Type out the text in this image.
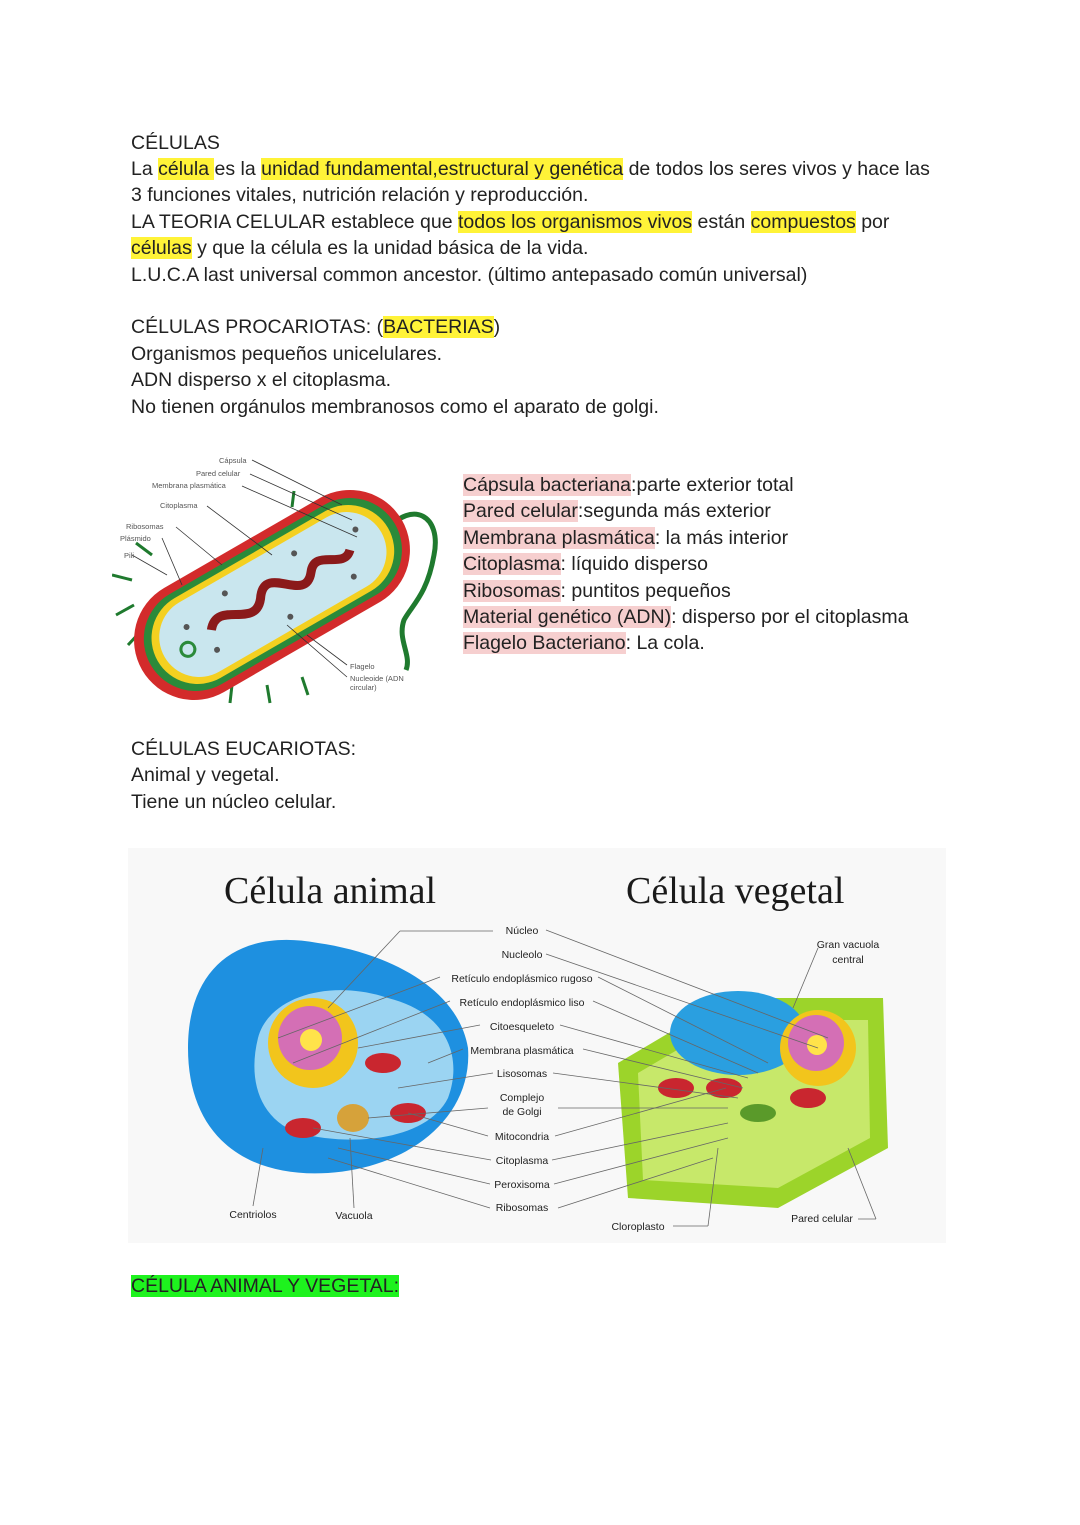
CÉLULAS
La célula es la unidad fundamental,estructural y genética de todos los seres vivos y hace las
3 funciones vitales, nutrición relación y reproducción.
LA TEORIA CELULAR establece que todos los organismos vivos están compuestos por
células y que la célula es la unidad básica de la vida.
L.U.C.A last universal common ancestor. (último antepasado común universal)
CÉLULAS PROCARIOTAS: (BACTERIAS)
Organismos pequeños unicelulares.
ADN disperso x el citoplasma.
No tienen orgánulos membranosos como el aparato de golgi.
Cápsula
Pared celular
Membrana plasmática
Citoplasma
Ribosomas
Plásmido
Pili
Flagelo
Nucleoide (ADN
circular)
Cápsula bacteriana:parte exterior total
Pared celular:segunda más exterior
Membrana plasmática: la más interior
Citoplasma: líquido disperso
Ribosomas: puntitos pequeños
Material genético (ADN): disperso por el citoplasma
Flagelo Bacteriano: La cola.
CÉLULAS EUCARIOTAS:
Animal y vegetal.
Tiene un núcleo celular.
Célula animal	Célula vegetal
Núcleo
Nucleolo
Retículo endoplásmico rugoso
Retículo endoplásmico liso
Citoesqueleto
Membrana plasmática
Lisosomas
Complejo
de Golgi
Mitocondria
Citoplasma
Peroxisoma
Ribosomas
Centriolos	Vacuola
Gran vacuola
central
Cloroplasto
Pared celular
CÉLULA ANIMAL Y VEGETAL:
